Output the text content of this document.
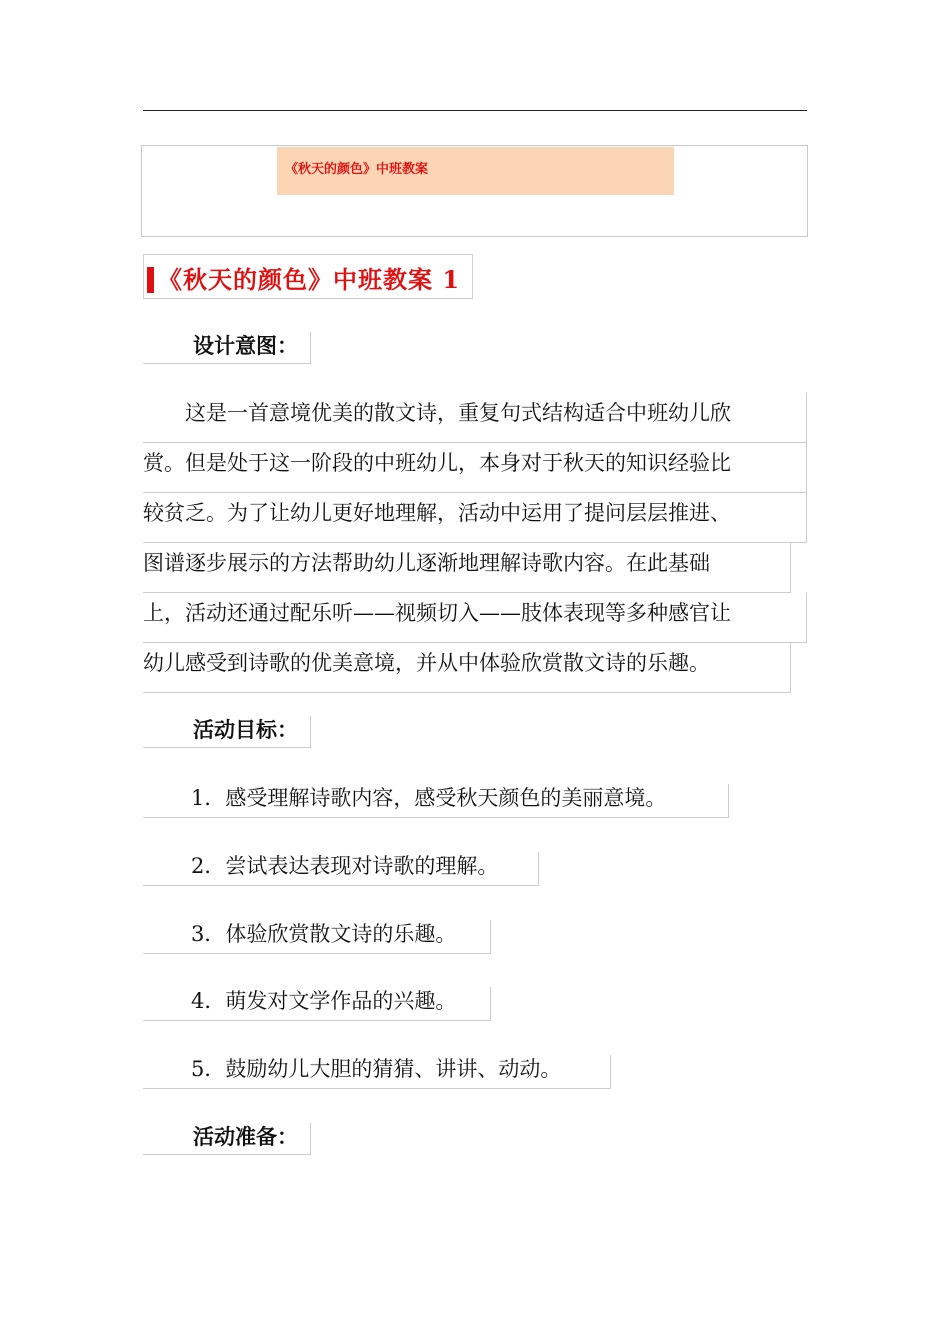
《秋天的颜色》中班教案
《秋天的颜色》中班教案 1
设计意图：
　　这是一首意境优美的散文诗，重复句式结构适合中班幼儿欣
赏。但是处于这一阶段的中班幼儿，本身对于秋天的知识经验比
较贫乏。为了让幼儿更好地理解，活动中运用了提问层层推进、
图谱逐步展示的方法帮助幼儿逐渐地理解诗歌内容。在此基础
上，活动还通过配乐听——视频切入——肢体表现等多种感官让
幼儿感受到诗歌的优美意境，并从中体验欣赏散文诗的乐趣。
活动目标：
1．感受理解诗歌内容，感受秋天颜色的美丽意境。
2．尝试表达表现对诗歌的理解。
3．体验欣赏散文诗的乐趣。
4．萌发对文学作品的兴趣。
5．鼓励幼儿大胆的猜猜、讲讲、动动。
活动准备：
